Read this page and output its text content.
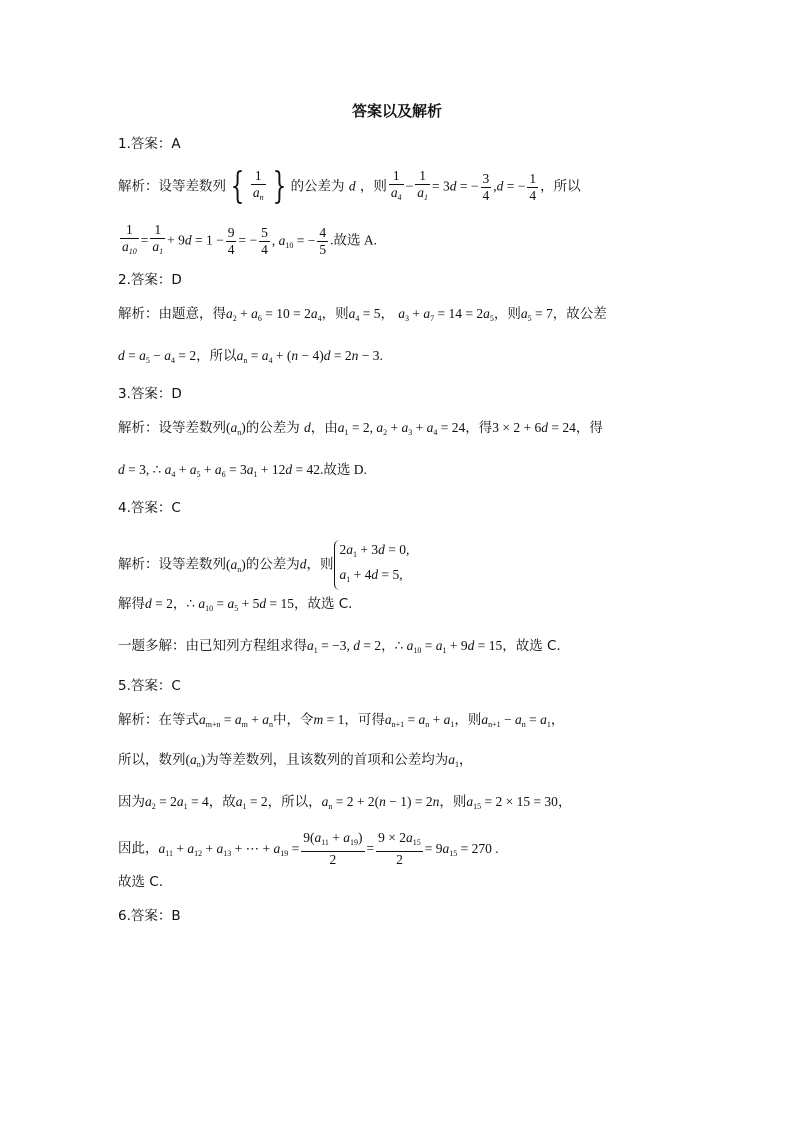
答案以及解析
1.答案：A
解析：设等差数列 { $\frac{1}{a_n}$ } 的公差为 d ，则 $\frac{1}{a_4} - \frac{1}{a_1} = 3d$ = − $\frac{3}{4} ,d$ = − $\frac{1}{4}$ ，所以
$\frac{1}{a_{10}} = \frac{1}{a_1} + 9d = 1 - \frac{9}{4}$ = − $\frac{5}{4}$ , $a_{10}$ = − $\frac{4}{5}$ .故选 A.
2.答案：D
解析：由题意，得$a_2 + a_6 = 10 = 2a_4$，则$a_4 = 5$， $a_3 + a_7 = 14 = 2a_5$，则$a_5 = 7$，故公差
$d = a_5 - a_4 = 2$，所以$a_n = a_4 + (n - 4)d = 2n - 3$.
3.答案：D
解析：设等差数列$(a_n)$的公差为 d，由$a_1 = 2$, $a_2 + a_3 + a_4 = 24$，得3 × 2 + 6d = 24，得
d = 3, ∴ $a_4 + a_5 + a_6 = 3a_1 + 12d = 42$.故选 D.
4.答案：C
解析：设等差数列$(a_n)$的公差为d，则
$2a_1 + 3d = 0$,
$a_1 + 4d = 5$,
解得d = 2，∴ $a_{10} = a_5 + 5d = 15$，故选 C.
一题多解：由已知列方程组求得$a_1 = -3$, d = 2，∴ $a_{10} = a_1 + 9d = 15$，故选 C.
5.答案：C
解析：在等式$a_{m+n} = a_m + a_n$中，令m = 1，可得$a_{n+1} = a_n + a_1$，则$a_{n+1} - a_n = a_1$，
所以，数列$(a_n)$为等差数列，且该数列的首项和公差均为$a_1$，
因为$a_2 = 2a_1 = 4$，故$a_1 = 2$，所以，$a_n = 2 + 2(n - 1) = 2n$，则$a_{15} = 2 \times 15 = 30$，
因此，$a_{11} + a_{12} + a_{13}$ + ⋯ + $a_{19} = \frac{9(a_{11} + a_{19})}{2} = \frac{9 \times 2a_{15}}{2} = 9a_{15} = 270$ .
故选 C.
6.答案：B
